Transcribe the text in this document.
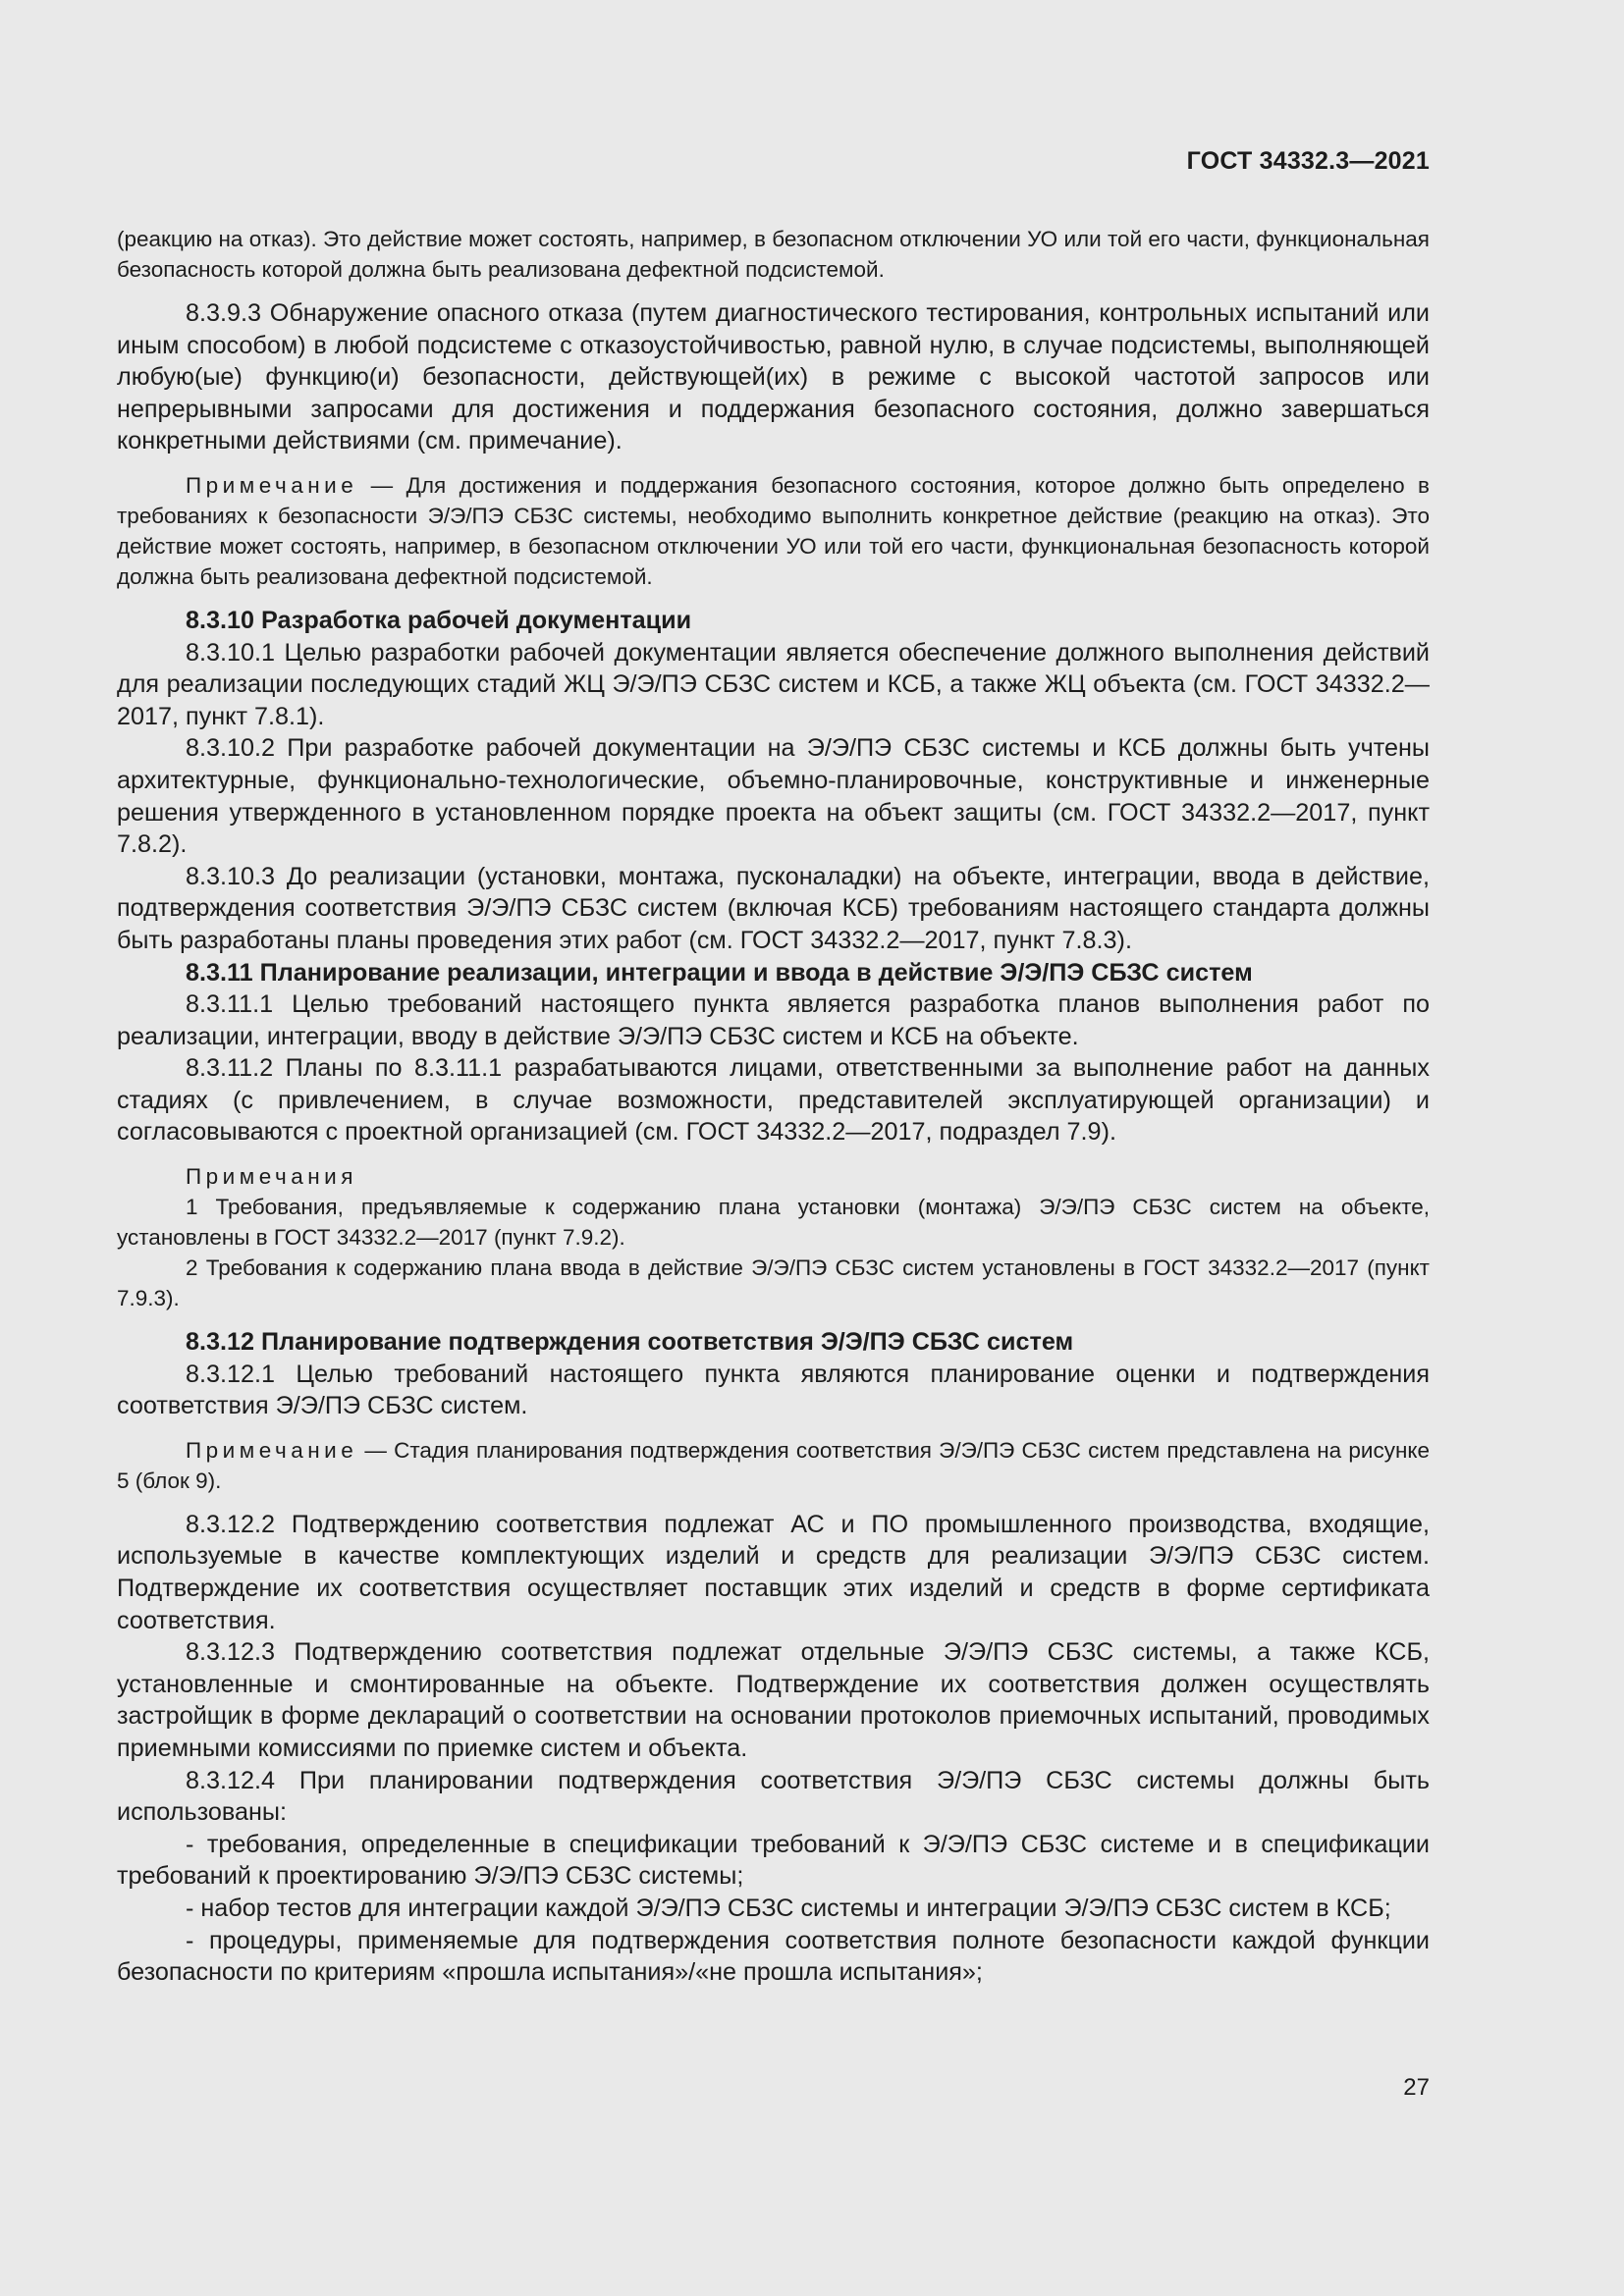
ГОСТ 34332.3—2021

(реакцию на отказ). Это действие может состоять, например, в безопасном отключении УО или той его части, функциональная безопасность которой должна быть реализована дефектной подсистемой.

8.3.9.3 Обнаружение опасного отказа (путем диагностического тестирования, контрольных испытаний или иным способом) в любой подсистеме с отказоустойчивостью, равной нулю, в случае подсистемы, выполняющей любую(ые) функцию(и) безопасности, действующей(их) в режиме с высокой частотой запросов или непрерывными запросами для достижения и поддержания безопасного состояния, должно завершаться конкретными действиями (см. примечание).

Примечание — Для достижения и поддержания безопасного состояния, которое должно быть определено в требованиях к безопасности Э/Э/ПЭ СБЗС системы, необходимо выполнить конкретное действие (реакцию на отказ). Это действие может состоять, например, в безопасном отключении УО или той его части, функциональная безопасность которой должна быть реализована дефектной подсистемой.

8.3.10 Разработка рабочей документации

8.3.10.1 Целью разработки рабочей документации является обеспечение должного выполнения действий для реализации последующих стадий ЖЦ Э/Э/ПЭ СБЗС систем и КСБ, а также ЖЦ объекта (см. ГОСТ 34332.2—2017, пункт 7.8.1).

8.3.10.2 При разработке рабочей документации на Э/Э/ПЭ СБЗС системы и КСБ должны быть учтены архитектурные, функционально-технологические, объемно-планировочные, конструктивные и инженерные решения утвержденного в установленном порядке проекта на объект защиты (см. ГОСТ 34332.2—2017, пункт 7.8.2).

8.3.10.3 До реализации (установки, монтажа, пусконаладки) на объекте, интеграции, ввода в действие, подтверждения соответствия Э/Э/ПЭ СБЗС систем (включая КСБ) требованиям настоящего стандарта должны быть разработаны планы проведения этих работ (см. ГОСТ 34332.2—2017, пункт 7.8.3).

8.3.11 Планирование реализации, интеграции и ввода в действие Э/Э/ПЭ СБЗС систем

8.3.11.1 Целью требований настоящего пункта является разработка планов выполнения работ по реализации, интеграции, вводу в действие Э/Э/ПЭ СБЗС систем и КСБ на объекте.

8.3.11.2 Планы по 8.3.11.1 разрабатываются лицами, ответственными за выполнение работ на данных стадиях (с привлечением, в случае возможности, представителей эксплуатирующей организации) и согласовываются с проектной организацией (см. ГОСТ 34332.2—2017, подраздел 7.9).

Примечания

1 Требования, предъявляемые к содержанию плана установки (монтажа) Э/Э/ПЭ СБЗС систем на объекте, установлены в ГОСТ 34332.2—2017 (пункт 7.9.2).

2 Требования к содержанию плана ввода в действие Э/Э/ПЭ СБЗС систем установлены в ГОСТ 34332.2—2017 (пункт 7.9.3).

8.3.12 Планирование подтверждения соответствия Э/Э/ПЭ СБЗС систем

8.3.12.1 Целью требований настоящего пункта являются планирование оценки и подтверждения соответствия Э/Э/ПЭ СБЗС систем.

Примечание — Стадия планирования подтверждения соответствия Э/Э/ПЭ СБЗС систем представлена на рисунке 5 (блок 9).

8.3.12.2 Подтверждению соответствия подлежат АС и ПО промышленного производства, входящие, используемые в качестве комплектующих изделий и средств для реализации Э/Э/ПЭ СБЗС систем. Подтверждение их соответствия осуществляет поставщик этих изделий и средств в форме сертификата соответствия.

8.3.12.3 Подтверждению соответствия подлежат отдельные Э/Э/ПЭ СБЗС системы, а также КСБ, установленные и смонтированные на объекте. Подтверждение их соответствия должен осуществлять застройщик в форме деклараций о соответствии на основании протоколов приемочных испытаний, проводимых приемными комиссиями по приемке систем и объекта.

8.3.12.4 При планировании подтверждения соответствия Э/Э/ПЭ СБЗС системы должны быть использованы:

- требования, определенные в спецификации требований к Э/Э/ПЭ СБЗС системе и в спецификации требований к проектированию Э/Э/ПЭ СБЗС системы;

- набор тестов для интеграции каждой Э/Э/ПЭ СБЗС системы и интеграции Э/Э/ПЭ СБЗС систем в КСБ;

- процедуры, применяемые для подтверждения соответствия полноте безопасности каждой функции безопасности по критериям «прошла испытания»/«не прошла испытания»;

27
